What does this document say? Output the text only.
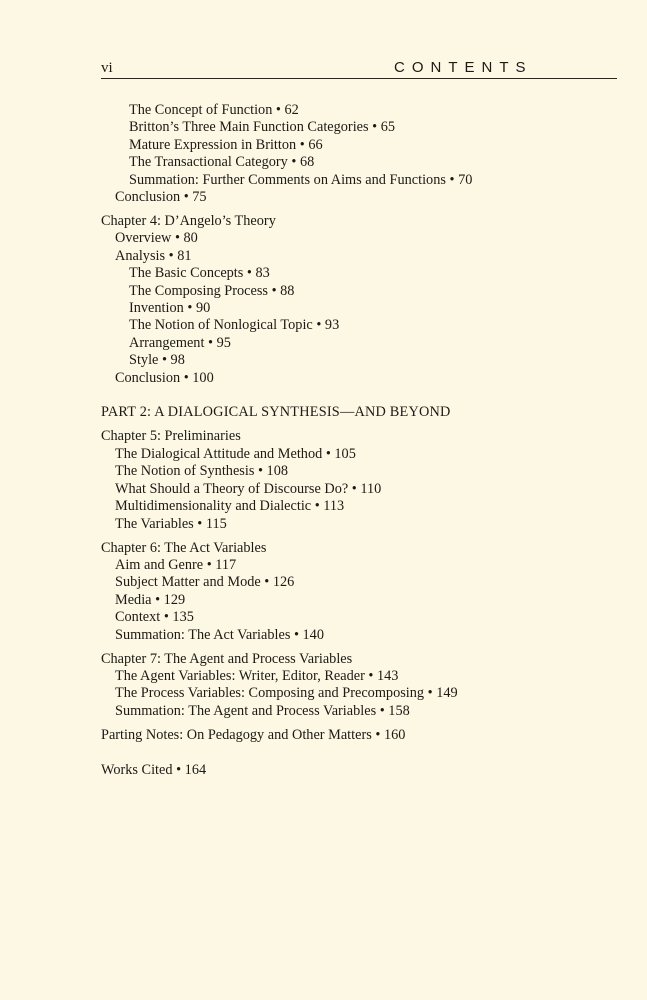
vi	CONTENTS
The Concept of Function • 62
Britton’s Three Main Function Categories • 65
Mature Expression in Britton • 66
The Transactional Category • 68
Summation: Further Comments on Aims and Functions • 70
Conclusion • 75
Chapter 4: D’Angelo’s Theory
Overview • 80
Analysis • 81
The Basic Concepts • 83
The Composing Process • 88
Invention • 90
The Notion of Nonlogical Topic • 93
Arrangement • 95
Style • 98
Conclusion • 100
PART 2: A DIALOGICAL SYNTHESIS—AND BEYOND
Chapter 5: Preliminaries
The Dialogical Attitude and Method • 105
The Notion of Synthesis • 108
What Should a Theory of Discourse Do? • 110
Multidimensionality and Dialectic • 113
The Variables • 115
Chapter 6: The Act Variables
Aim and Genre • 117
Subject Matter and Mode • 126
Media • 129
Context • 135
Summation: The Act Variables • 140
Chapter 7: The Agent and Process Variables
The Agent Variables: Writer, Editor, Reader • 143
The Process Variables: Composing and Precomposing • 149
Summation: The Agent and Process Variables • 158
Parting Notes: On Pedagogy and Other Matters • 160
Works Cited • 164
